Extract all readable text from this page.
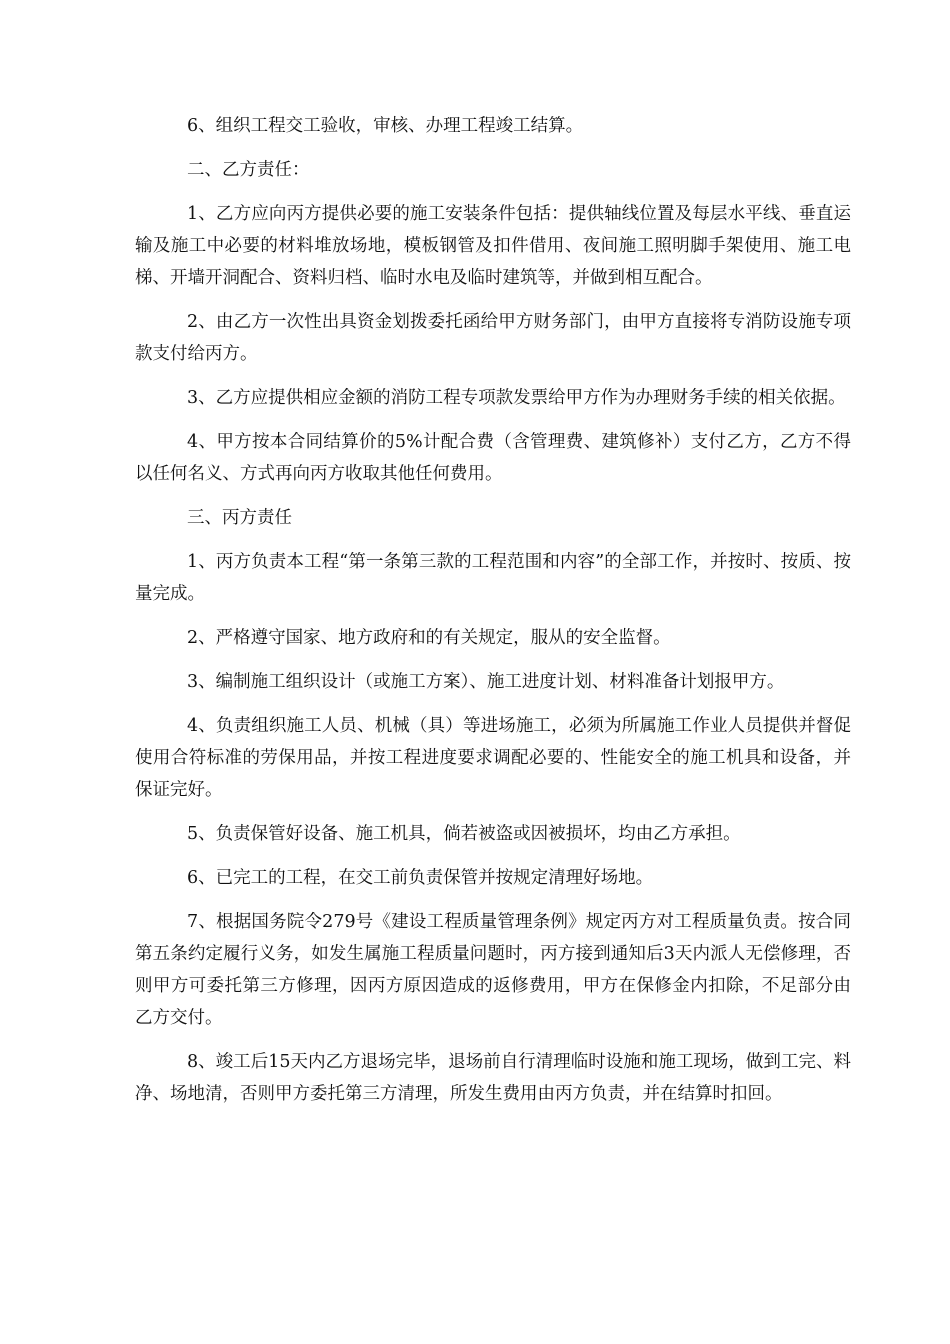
6、组织工程交工验收，审核、办理工程竣工结算。

二、乙方责任：

1、乙方应向丙方提供必要的施工安装条件包括：提供轴线位置及每层水平线、垂直运输及施工中必要的材料堆放场地，模板钢管及扣件借用、夜间施工照明脚手架使用、施工电梯、开墙开洞配合、资料归档、临时水电及临时建筑等，并做到相互配合。

2、由乙方一次性出具资金划拨委托函给甲方财务部门，由甲方直接将专消防设施专项款支付给丙方。

3、乙方应提供相应金额的消防工程专项款发票给甲方作为办理财务手续的相关依据。

4、甲方按本合同结算价的5%计配合费（含管理费、建筑修补）支付乙方，乙方不得以任何名义、方式再向丙方收取其他任何费用。

三、丙方责任

1、丙方负责本工程“第一条第三款的工程范围和内容”的全部工作，并按时、按质、按量完成。

2、严格遵守国家、地方政府和的有关规定，服从的安全监督。

3、编制施工组织设计（或施工方案）、施工进度计划、材料准备计划报甲方。

4、负责组织施工人员、机械（具）等进场施工，必须为所属施工作业人员提供并督促使用合符标准的劳保用品，并按工程进度要求调配必要的、性能安全的施工机具和设备，并保证完好。

5、负责保管好设备、施工机具，倘若被盗或因被损坏，均由乙方承担。

6、已完工的工程，在交工前负责保管并按规定清理好场地。

7、根据国务院令279号《建设工程质量管理条例》规定丙方对工程质量负责。按合同第五条约定履行义务，如发生属施工程质量问题时，丙方接到通知后3天内派人无偿修理，否则甲方可委托第三方修理，因丙方原因造成的返修费用，甲方在保修金内扣除，不足部分由乙方交付。

8、竣工后15天内乙方退场完毕，退场前自行清理临时设施和施工现场，做到工完、料净、场地清，否则甲方委托第三方清理，所发生费用由丙方负责，并在结算时扣回。
